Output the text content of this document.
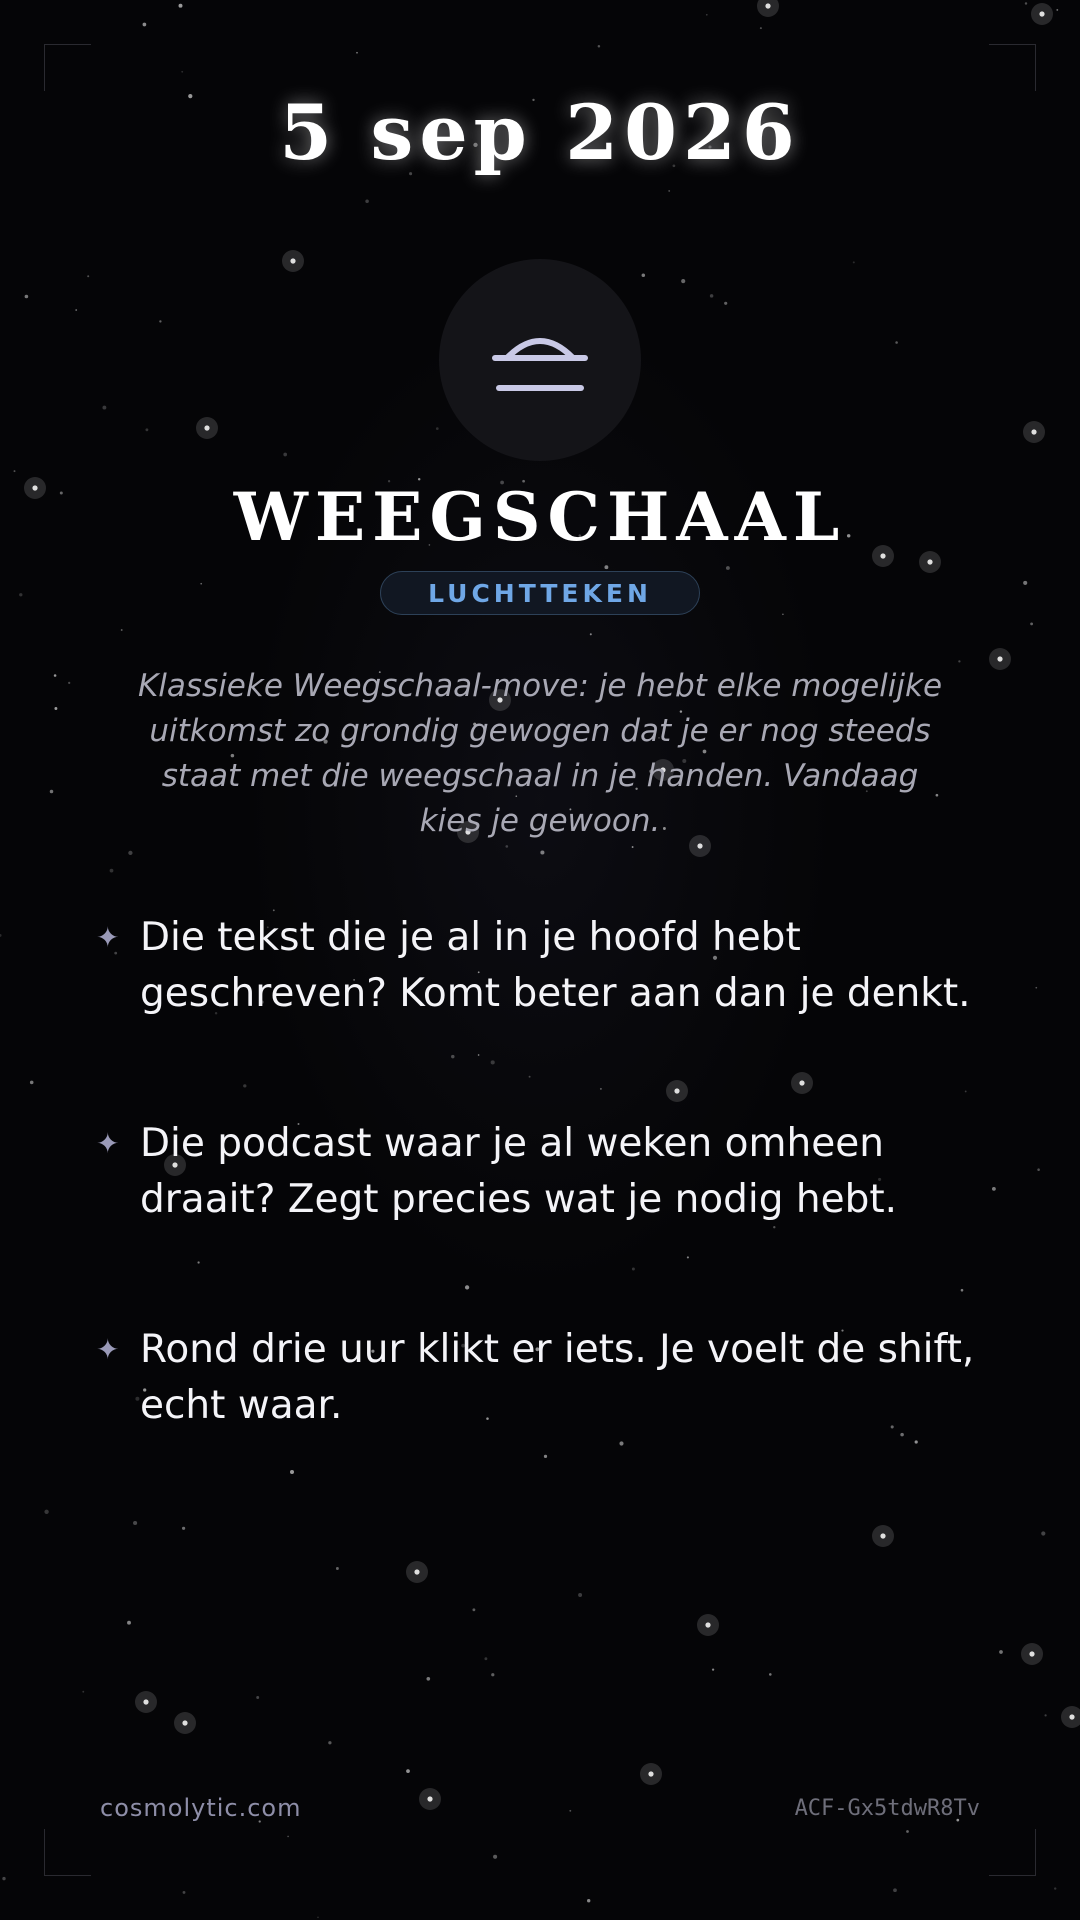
5 sep 2026
WEEGSCHAAL
LUCHTTEKEN
Klassieke Weegschaal-move: je hebt elke mogelijke uitkomst zo grondig gewogen dat je er nog steeds staat met die weegschaal in je handen. Vandaag kies je gewoon.
✦ Die tekst die je al in je hoofd hebt geschreven? Komt beter aan dan je denkt.
✦ Die podcast waar je al weken omheen draait? Zegt precies wat je nodig hebt.
✦ Rond drie uur klikt er iets. Je voelt de shift, echt waar.
cosmolytic.com	ACF-Gx5tdwR8Tv
